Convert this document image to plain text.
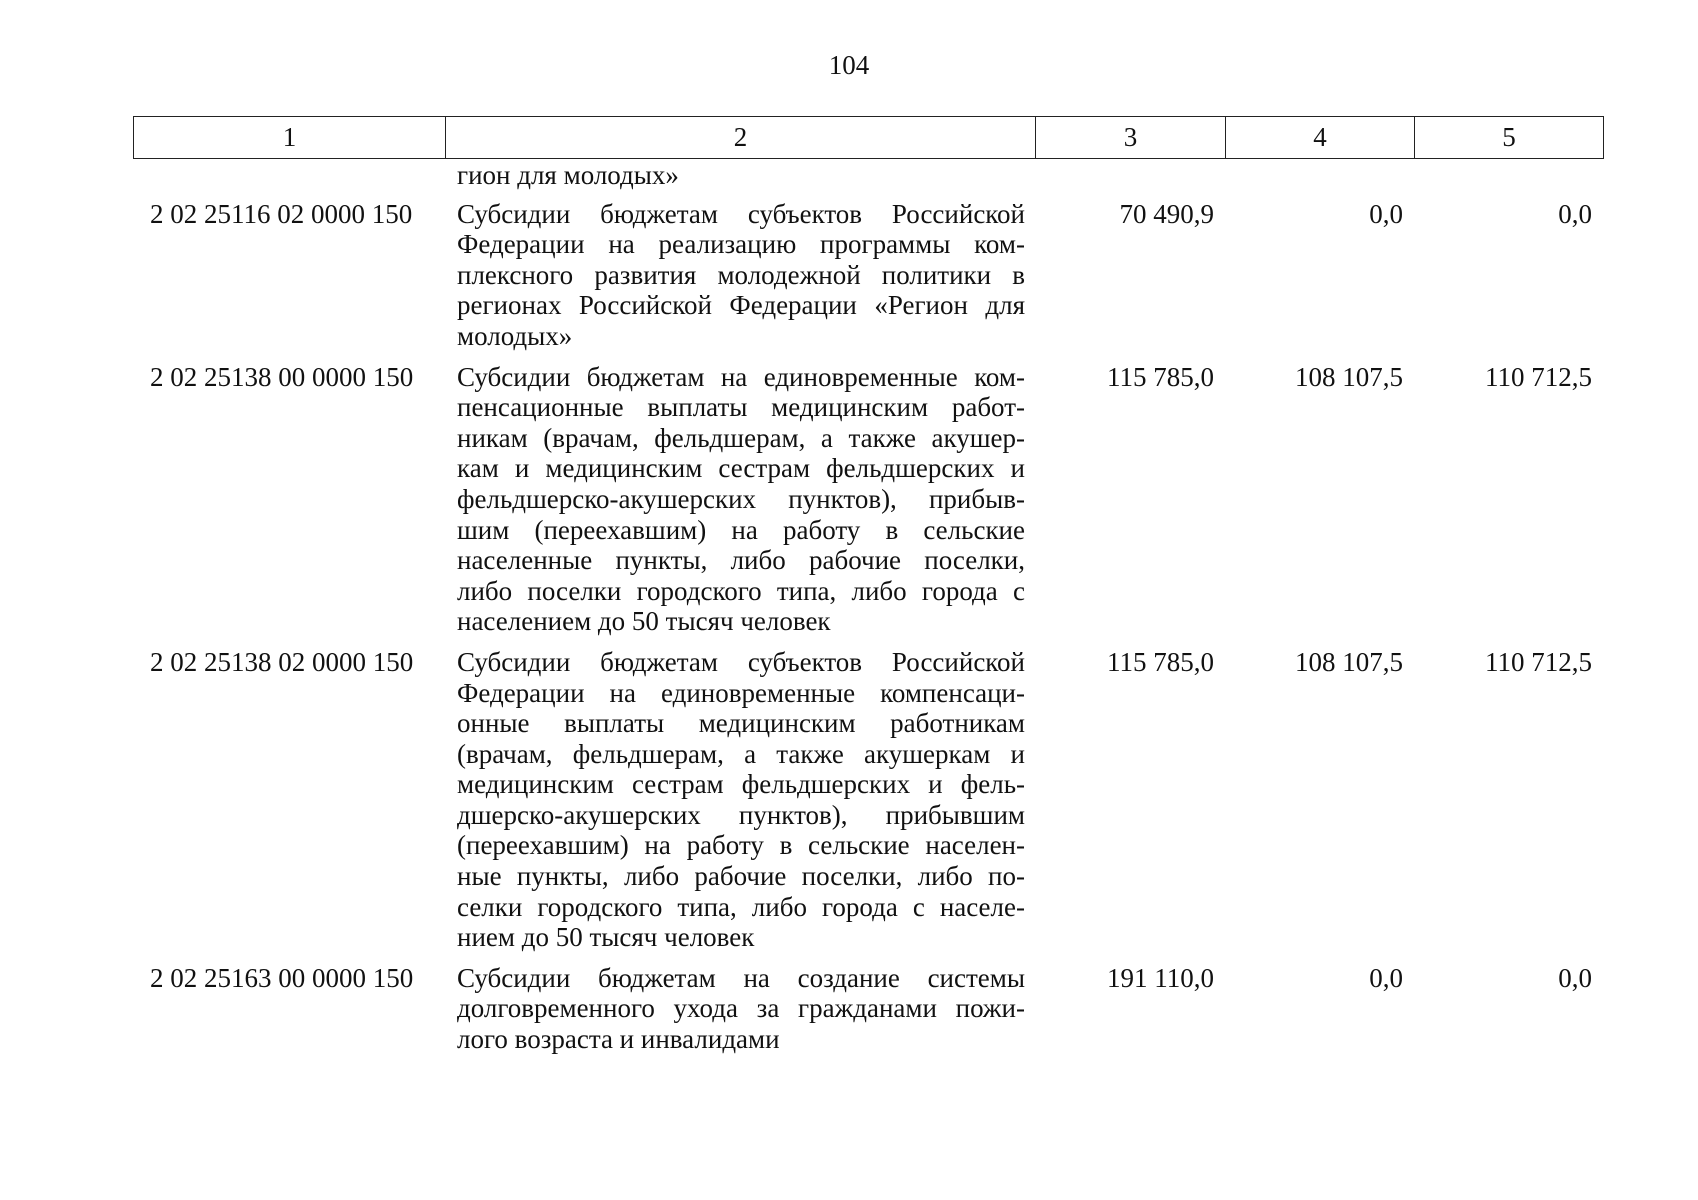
104
1	2	3	4	5
гион для молодых»
2 02 25116 02 0000 150	Субсидии бюджетам субъектов Российской
Федерации на реализацию программы ком-
плексного развития молодежной политики в
регионах Российской Федерации «Регион для
молодых»
70 490,9	0,0	0,0
2 02 25138 00 0000 150	Субсидии бюджетам на единовременные ком-
пенсационные выплаты медицинским работ-
никам (врачам, фельдшерам, а также акушер-
кам и медицинским сестрам фельдшерских и
фельдшерско-акушерских пунктов), прибыв-
шим (переехавшим) на работу в сельские
населенные пункты, либо рабочие поселки,
либо поселки городского типа, либо города с
населением до 50 тысяч человек
115 785,0	108 107,5	110 712,5
2 02 25138 02 0000 150	Субсидии бюджетам субъектов Российской
Федерации на единовременные компенсаци-
онные выплаты медицинским работникам
(врачам, фельдшерам, а также акушеркам и
медицинским сестрам фельдшерских и фель-
дшерско-акушерских пунктов), прибывшим
(переехавшим) на работу в сельские населен-
ные пункты, либо рабочие поселки, либо по-
селки городского типа, либо города с населе-
нием до 50 тысяч человек
115 785,0	108 107,5	110 712,5
2 02 25163 00 0000 150	Субсидии бюджетам на создание системы
долговременного ухода за гражданами пожи-
лого возраста и инвалидами
191 110,0	0,0	0,0
